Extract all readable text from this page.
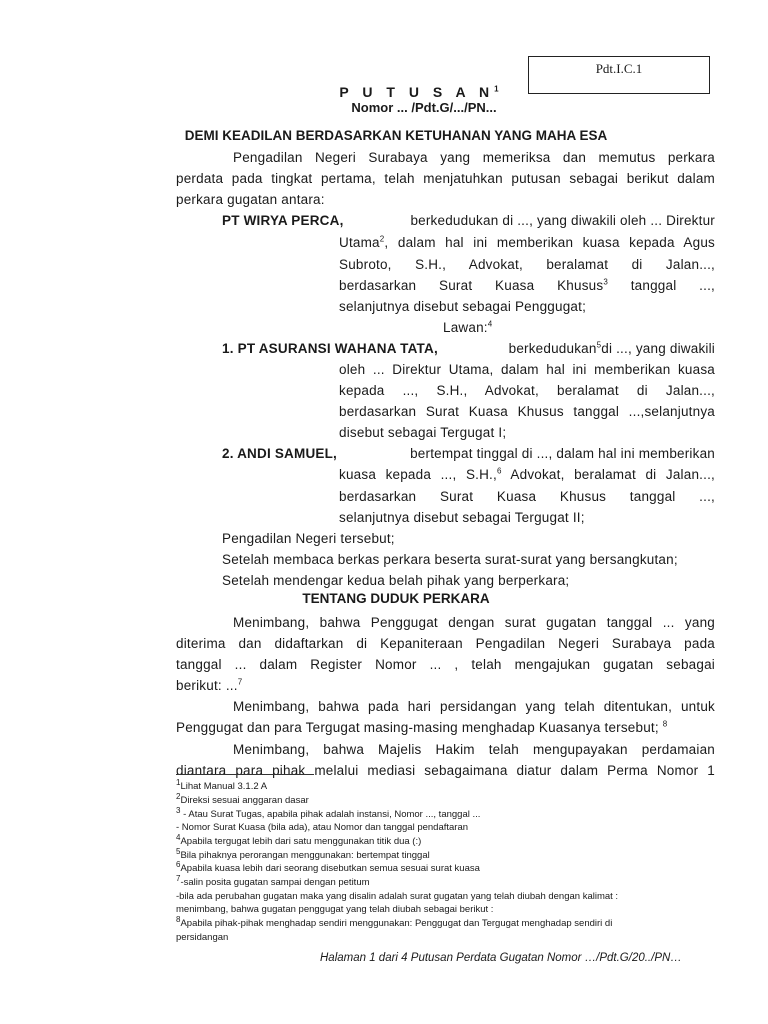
Pdt.I.C.1
P U T U S A $N^1$
Nomor ... /Pdt.G/.../PN...
DEMI KEADILAN BERDASARKAN KETUHANAN YANG MAHA ESA
Pengadilan Negeri Surabaya yang memeriksa dan memutus perkara
perdata pada tingkat pertama, telah menjatuhkan putusan sebagai berikut dalam
perkara gugatan antara:
PT WIRYA PERCA,	berkedudukan di ..., yang diwakili oleh ... Direktur
Utama$^2$, dalam hal ini memberikan kuasa kepada Agus
Subroto, S.H., Advokat, beralamat di Jalan...,
berdasarkan Surat Kuasa Khusus$^3$ tanggal ...,
selanjutnya disebut sebagai Penggugat;
Lawan:$^4$
1. PT ASURANSI WAHANA TATA,	berkedudukan$^5$di ..., yang diwakili
oleh ... Direktur Utama, dalam hal ini memberikan kuasa
kepada ..., S.H., Advokat, beralamat di Jalan...,
berdasarkan Surat Kuasa Khusus tanggal ...,selanjutnya
disebut sebagai Tergugat I;
2. ANDI SAMUEL,	bertempat tinggal di ..., dalam hal ini memberikan
kuasa kepada ..., S.H.,$^6$ Advokat, beralamat di Jalan...,
berdasarkan Surat Kuasa Khusus tanggal ...,
selanjutnya disebut sebagai Tergugat II;
Pengadilan Negeri tersebut;
Setelah membaca berkas perkara beserta surat-surat yang bersangkutan;
Setelah mendengar kedua belah pihak yang berperkara;
TENTANG DUDUK PERKARA
Menimbang, bahwa Penggugat dengan surat gugatan tanggal ... yang
diterima dan didaftarkan di Kepaniteraan Pengadilan Negeri Surabaya pada
tanggal ... dalam Register Nomor ... , telah mengajukan gugatan sebagai
berikut: ...$^7$
Menimbang, bahwa pada hari persidangan yang telah ditentukan, untuk
Penggugat dan para Tergugat masing-masing menghadap Kuasanya tersebut; $^8$
Menimbang, bahwa Majelis Hakim telah mengupayakan perdamaian
diantara para pihak melalui mediasi sebagaimana diatur dalam Perma Nomor 1
$^1$Lihat Manual 3.1.2 A
$^2$Direksi sesuai anggaran dasar
$^3$ - Atau Surat Tugas, apabila pihak adalah instansi, Nomor ..., tanggal ...
- Nomor Surat Kuasa (bila ada), atau Nomor dan tanggal pendaftaran
$^4$Apabila tergugat lebih dari satu menggunakan titik dua (:)
$^5$Bila pihaknya perorangan menggunakan: bertempat tinggal
$^6$Apabila kuasa lebih dari seorang disebutkan semua sesuai surat kuasa
$^7$-salin posita gugatan sampai dengan petitum
-bila ada perubahan gugatan maka yang disalin adalah surat gugatan yang telah diubah dengan kalimat :
menimbang, bahwa gugatan penggugat yang telah diubah sebagai berikut :
$^8$Apabila pihak-pihak menghadap sendiri menggunakan: Penggugat dan Tergugat menghadap sendiri di
persidangan
Halaman 1 dari 4 Putusan Perdata Gugatan Nomor …/Pdt.G/20../PN…
